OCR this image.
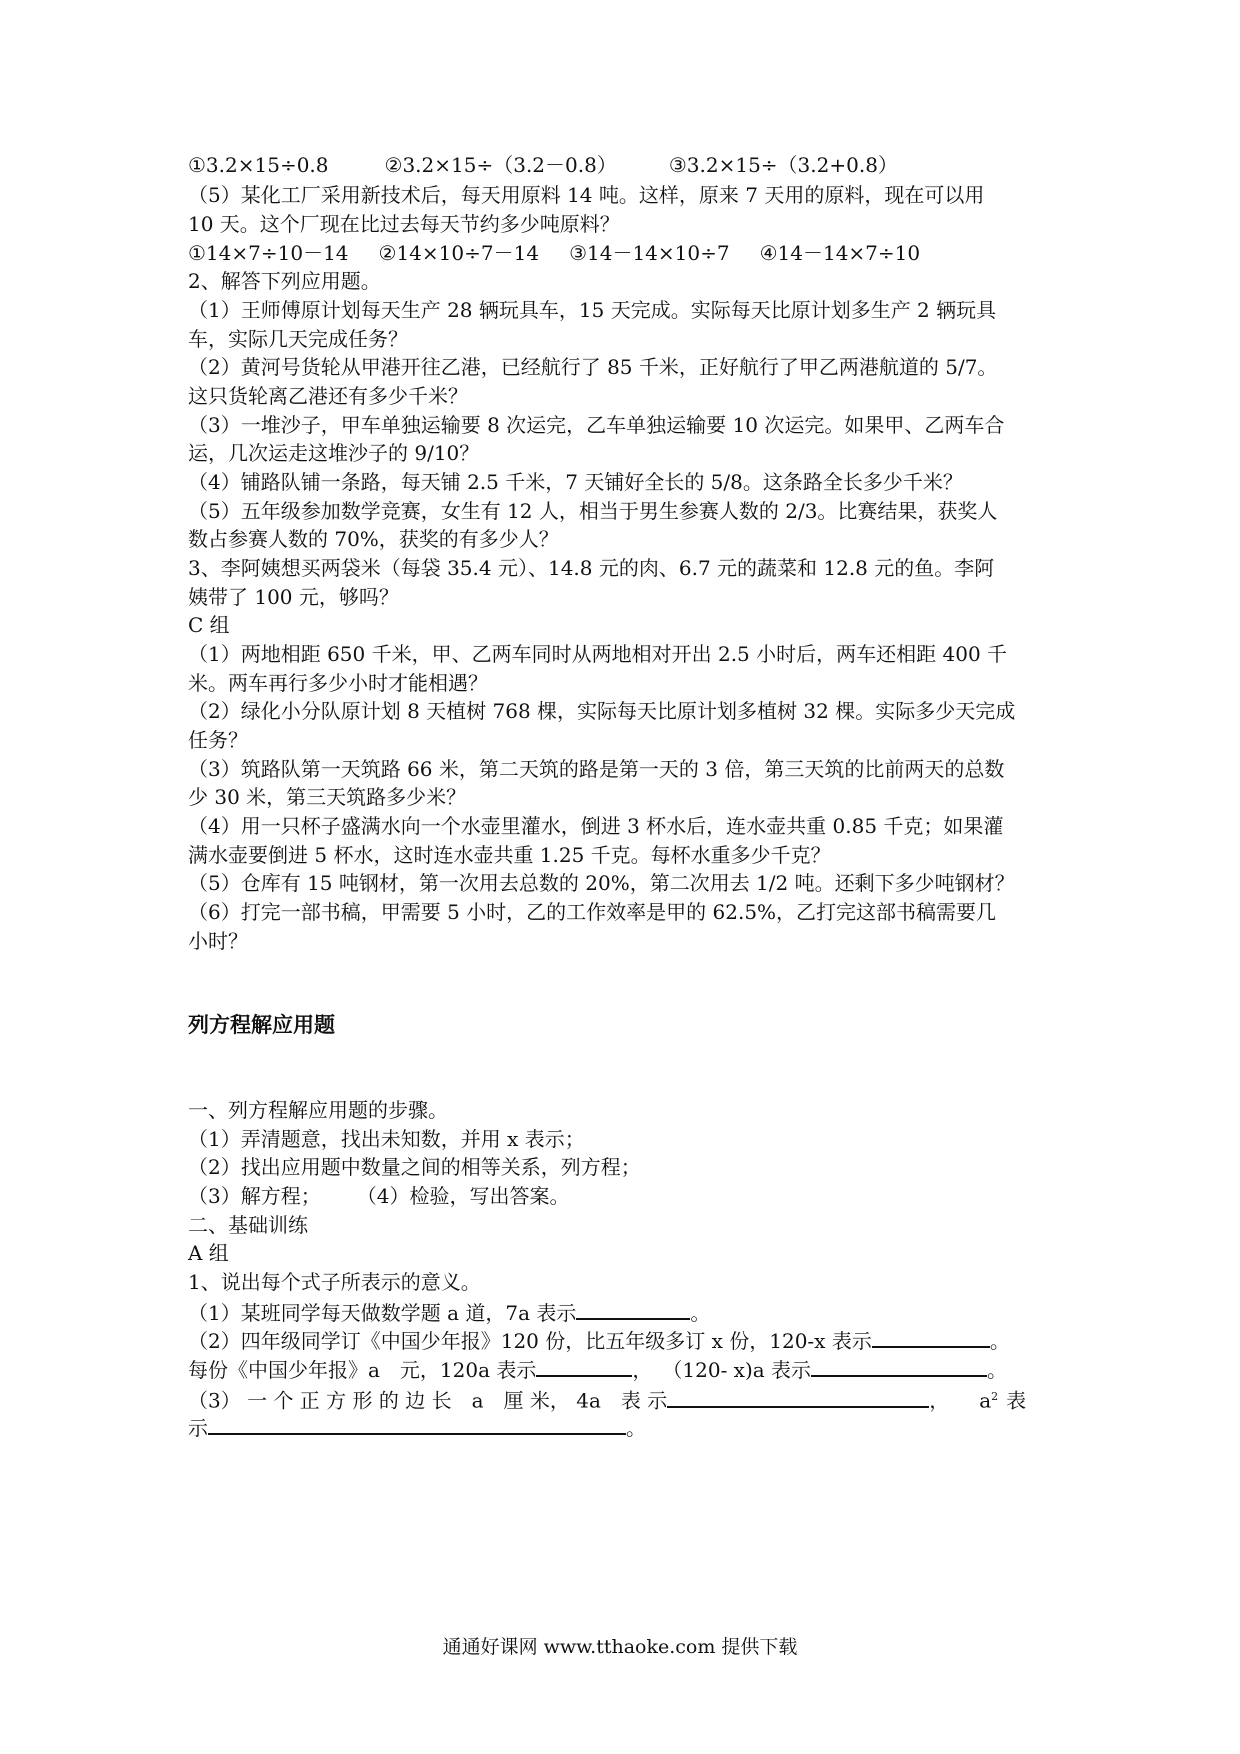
①3.2×15÷0.8	②3.2×15÷（3.2－0.8）	③3.2×15÷（3.2+0.8）
（5）某化工厂采用新技术后，每天用原料 14 吨。这样，原来 7 天用的原料，现在可以用
10 天。这个厂现在比过去每天节约多少吨原料？
①14×7÷10－14 ②14×10÷7－14 ③14－14×10÷7 ④14－14×7÷10
2、解答下列应用题。
（1）王师傅原计划每天生产 28 辆玩具车，15 天完成。实际每天比原计划多生产 2 辆玩具
车，实际几天完成任务？
（2）黄河号货轮从甲港开往乙港，已经航行了 85 千米，正好航行了甲乙两港航道的 5/7。
这只货轮离乙港还有多少千米？
（3）一堆沙子，甲车单独运输要 8 次运完，乙车单独运输要 10 次运完。如果甲、乙两车合
运，几次运走这堆沙子的 9/10？
（4）铺路队铺一条路，每天铺 2.5 千米，7 天铺好全长的 5/8。这条路全长多少千米？
（5）五年级参加数学竞赛，女生有 12 人，相当于男生参赛人数的 2/3。比赛结果，获奖人
数占参赛人数的 70%，获奖的有多少人？
3、李阿姨想买两袋米（每袋 35.4 元）、14.8 元的肉、6.7 元的蔬菜和 12.8 元的鱼。李阿
姨带了 100 元，够吗？
C 组
（1）两地相距 650 千米，甲、乙两车同时从两地相对开出 2.5 小时后，两车还相距 400 千
米。两车再行多少小时才能相遇？
（2）绿化小分队原计划 8 天植树 768 棵，实际每天比原计划多植树 32 棵。实际多少天完成
任务？
（3）筑路队第一天筑路 66 米，第二天筑的路是第一天的 3 倍，第三天筑的比前两天的总数
少 30 米，第三天筑路多少米？
（4）用一只杯子盛满水向一个水壶里灌水，倒进 3 杯水后，连水壶共重 0.85 千克；如果灌
满水壶要倒进 5 杯水，这时连水壶共重 1.25 千克。每杯水重多少千克？
（5）仓库有 15 吨钢材，第一次用去总数的 20%，第二次用去 1/2 吨。还剩下多少吨钢材？
（6）打完一部书稿，甲需要 5 小时，乙的工作效率是甲的 62.5%，乙打完这部书稿需要几
小时？
列方程解应用题
一、列方程解应用题的步骤。
（1）弄清题意，找出未知数，并用 x 表示；
（2）找出应用题中数量之间的相等关系，列方程；
（3）解方程； （4）检验，写出答案。
二、基础训练
A 组
1、说出每个式子所表示的意义。
（1）某班同学每天做数学题 a 道，7a 表示	。
（2）四年级同学订《中国少年报》120 份，比五年级多订 x 份，120-x 表示	。
每份《中国少年报》a　元，120a 表示	， （120- x)a 表示	。
（3） 一 个 正 方 形 的 边 长　a　厘 米， 4a　表 示	， $a^2$ 表
示	。
通通好课网 www.tthaoke.com 提供下载
